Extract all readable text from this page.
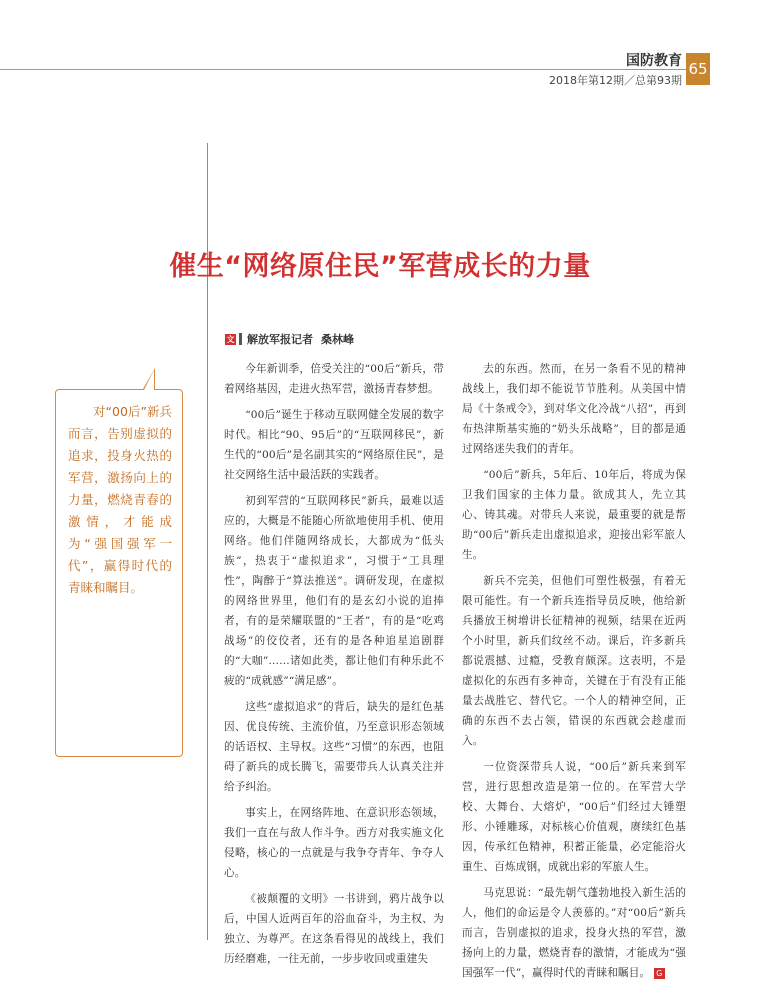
国防教育 65
2018年第12期／总第93期
对“00后”新兵而言，告别虚拟的追求，投身火热的军营，激扬向上的力量，燃烧青春的激情，才能成为“强国强军一代”，赢得时代的青睐和瞩目。
催生“网络原住民”军营成长的力量
文 解放军报记者 桑林峰

今年新训季，倍受关注的“00后”新兵，带着网络基因，走进火热军营，激扬青春梦想。

“00后”诞生于移动互联网健全发展的数字时代。相比“90、95后”的“互联网移民”，新生代的“00后”是名副其实的“网络原住民”，是社交网络生活中最活跃的实践者。

初到军营的“互联网移民”新兵，最难以适应的，大概是不能随心所欲地使用手机、使用网络。他们伴随网络成长，大都成为“低头族”，热衷于“虚拟追求”，习惯于“工具理性”，陶醉于“算法推送”。调研发现，在虚拟的网络世界里，他们有的是玄幻小说的追捧者，有的是荣耀联盟的“王者”，有的是“吃鸡战场”的佼佼者，还有的是各种追星追剧群的“大咖”……诸如此类，都让他们有种乐此不疲的“成就感”“满足感”。

这些“虚拟追求”的背后，缺失的是红色基因、优良传统、主流价值，乃至意识形态领域的话语权、主导权。这些“习惯”的东西，也阻碍了新兵的成长腾飞，需要带兵人认真关注并给予纠治。

事实上，在网络阵地、在意识形态领域，我们一直在与敌人作斗争。西方对我实施文化侵略，核心的一点就是与我争夺青年、争夺人心。

《被颠覆的文明》一书讲到，鸦片战争以后，中国人近两百年的浴血奋斗，为主权、为独立、为尊严。在这条看得见的战线上，我们历经磨难，一往无前，一步步收回或重建失

去的东西。然而，在另一条看不见的精神战线上，我们却不能说节节胜利。从美国中情局《十条戒令》，到对华文化冷战“八招”，再到布热津斯基实施的“奶头乐战略”，目的都是通过网络迷失我们的青年。

“00后”新兵，5年后、10年后，将成为保卫我们国家的主体力量。欲成其人，先立其心、铸其魂。对带兵人来说，最重要的就是帮助“00后”新兵走出虚拟追求，迎接出彩军旅人生。

新兵不完美，但他们可塑性极强，有着无限可能性。有一个新兵连指导员反映，他给新兵播放王树增讲长征精神的视频，结果在近两个小时里，新兵们纹丝不动。课后，许多新兵都说震撼、过瘾，受教育颇深。这表明，不是虚拟化的东西有多神奇，关键在于有没有正能量去战胜它、替代它。一个人的精神空间，正确的东西不去占领，错误的东西就会趁虚而入。

一位资深带兵人说，“00后”新兵来到军营，进行思想改造是第一位的。在军营大学校、大舞台、大熔炉，“00后”们经过大锤塑形、小锤雕琢，对标核心价值观，赓续红色基因，传承红色精神，积蓄正能量，必定能浴火重生、百炼成钢，成就出彩的军旅人生。

马克思说：“最先朝气蓬勃地投入新生活的人，他们的命运是令人羡慕的。”对“00后”新兵而言，告别虚拟的追求，投身火热的军营，激扬向上的力量，燃烧青春的激情，才能成为“强国强军一代”，赢得时代的青睐和瞩目。 G
